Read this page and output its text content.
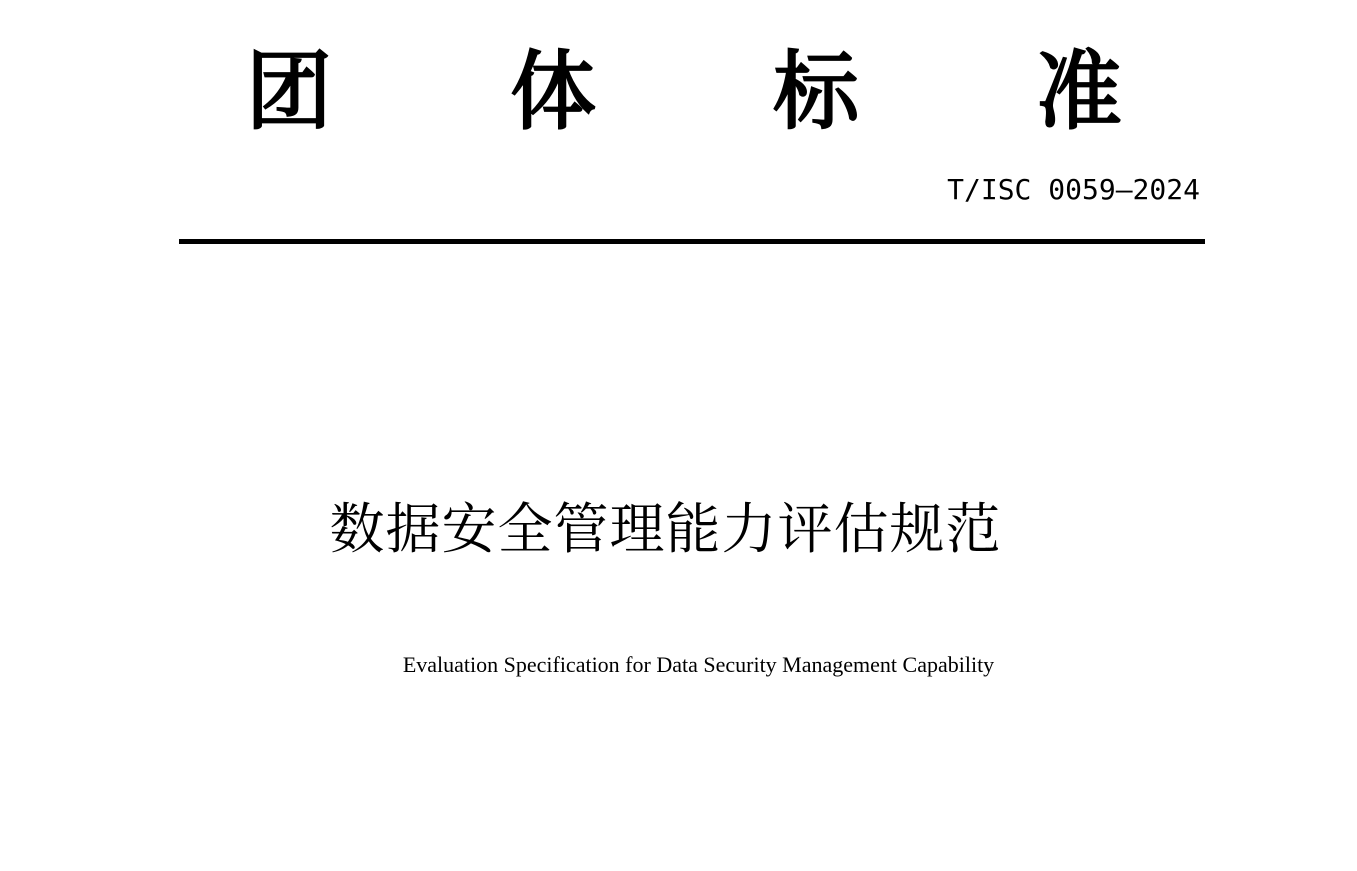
团 体 标 准
T/ISC 0059—2024
数据安全管理能力评估规范
Evaluation Specification for Data Security Management Capability
